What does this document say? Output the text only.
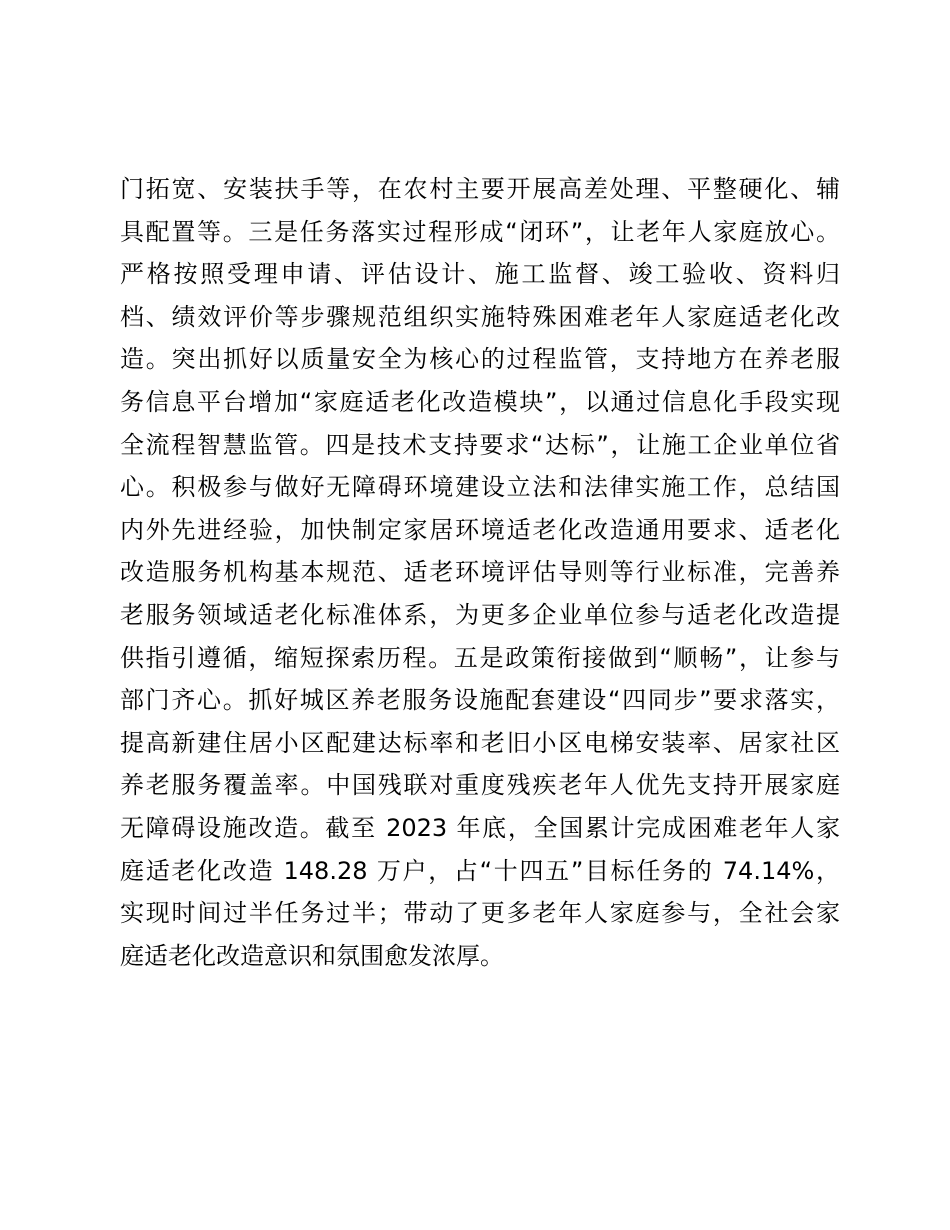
门拓宽、安装扶手等，在农村主要开展高差处理、平整硬化、辅
具配置等。三是任务落实过程形成“闭环”，让老年人家庭放心。
严格按照受理申请、评估设计、施工监督、竣工验收、资料归
档、绩效评价等步骤规范组织实施特殊困难老年人家庭适老化改
造。突出抓好以质量安全为核心的过程监管，支持地方在养老服
务信息平台增加“家庭适老化改造模块”，以通过信息化手段实现
全流程智慧监管。四是技术支持要求“达标”，让施工企业单位省
心。积极参与做好无障碍环境建设立法和法律实施工作，总结国
内外先进经验，加快制定家居环境适老化改造通用要求、适老化
改造服务机构基本规范、适老环境评估导则等行业标准，完善养
老服务领域适老化标准体系，为更多企业单位参与适老化改造提
供指引遵循，缩短探索历程。五是政策衔接做到“顺畅”，让参与
部门齐心。抓好城区养老服务设施配套建设“四同步”要求落实，
提高新建住居小区配建达标率和老旧小区电梯安装率、居家社区
养老服务覆盖率。中国残联对重度残疾老年人优先支持开展家庭
无障碍设施改造。截至 2023 年底，全国累计完成困难老年人家
庭适老化改造 148.28 万户，占“十四五”目标任务的 74.14%，
实现时间过半任务过半；带动了更多老年人家庭参与，全社会家
庭适老化改造意识和氛围愈发浓厚。
